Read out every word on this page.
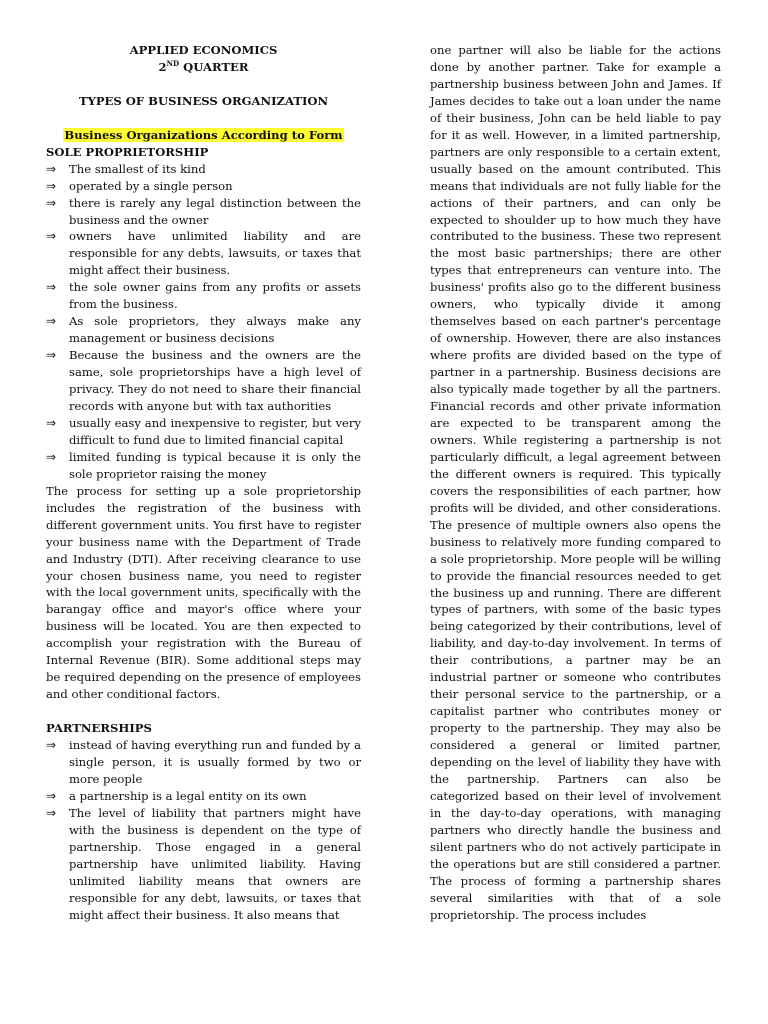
APPLIED ECONOMICS
2ND QUARTER
TYPES OF BUSINESS ORGANIZATION
Business Organizations According to Form
SOLE PROPRIETORSHIP
⇒	The smallest of its kind
⇒	operated by a single person
⇒	there is rarely any legal distinction between the business and the owner
⇒	owners have unlimited liability and are responsible for any debts, lawsuits, or taxes that might affect their business.
⇒	the sole owner gains from any profits or assets from the business.
⇒	As sole proprietors, they always make any management or business decisions
⇒	Because the business and the owners are the same, sole proprietorships have a high level of privacy. They do not need to share their financial records with anyone but with tax authorities
⇒	usually easy and inexpensive to register, but very difficult to fund due to limited financial capital
⇒	limited funding is typical because it is only the sole proprietor raising the money

The process for setting up a sole proprietorship includes the registration of the business with different government units. You first have to register your business name with the Department of Trade and Industry (DTI). After receiving clearance to use your chosen business name, you need to register with the local government units, specifically with the barangay office and mayor's office where your business will be located. You are then expected to accomplish your registration with the Bureau of Internal Revenue (BIR). Some additional steps may be required depending on the presence of employees and other conditional factors.

PARTNERSHIPS
⇒	instead of having everything run and funded by a single person, it is usually formed by two or more people
⇒	a partnership is a legal entity on its own
⇒	The level of liability that partners might have with the business is dependent on the type of partnership. Those engaged in a general partnership have unlimited liability. Having unlimited liability means that owners are responsible for any debt, lawsuits, or taxes that might affect their business. It also means that

one partner will also be liable for the actions done by another partner. Take for example a partnership business between John and James. If James decides to take out a loan under the name of their business, John can be held liable to pay for it as well. However, in a limited partnership, partners are only responsible to a certain extent, usually based on the amount contributed. This means that individuals are not fully liable for the actions of their partners, and can only be expected to shoulder up to how much they have contributed to the business. These two represent the most basic partnerships; there are other types that entrepreneurs can venture into. The business' profits also go to the different business owners, who typically divide it among themselves based on each partner's percentage of ownership. However, there are also instances where profits are divided based on the type of partner in a partnership. Business decisions are also typically made together by all the partners. Financial records and other private information are expected to be transparent among the owners. While registering a partnership is not particularly difficult, a legal agreement between the different owners is required. This typically covers the responsibilities of each partner, how profits will be divided, and other considerations. The presence of multiple owners also opens the business to relatively more funding compared to a sole proprietorship. More people will be willing to provide the financial resources needed to get the business up and running. There are different types of partners, with some of the basic types being categorized by their contributions, level of liability, and day-to-day involvement. In terms of their contributions, a partner may be an industrial partner or someone who contributes their personal service to the partnership, or a capitalist partner who contributes money or property to the partnership. They may also be considered a general or limited partner, depending on the level of liability they have with the partnership. Partners can also be categorized based on their level of involvement in the day-to-day operations, with managing partners who directly handle the business and silent partners who do not actively participate in the operations but are still considered a partner. The process of forming a partnership shares several similarities with that of a sole proprietorship. The process includes
